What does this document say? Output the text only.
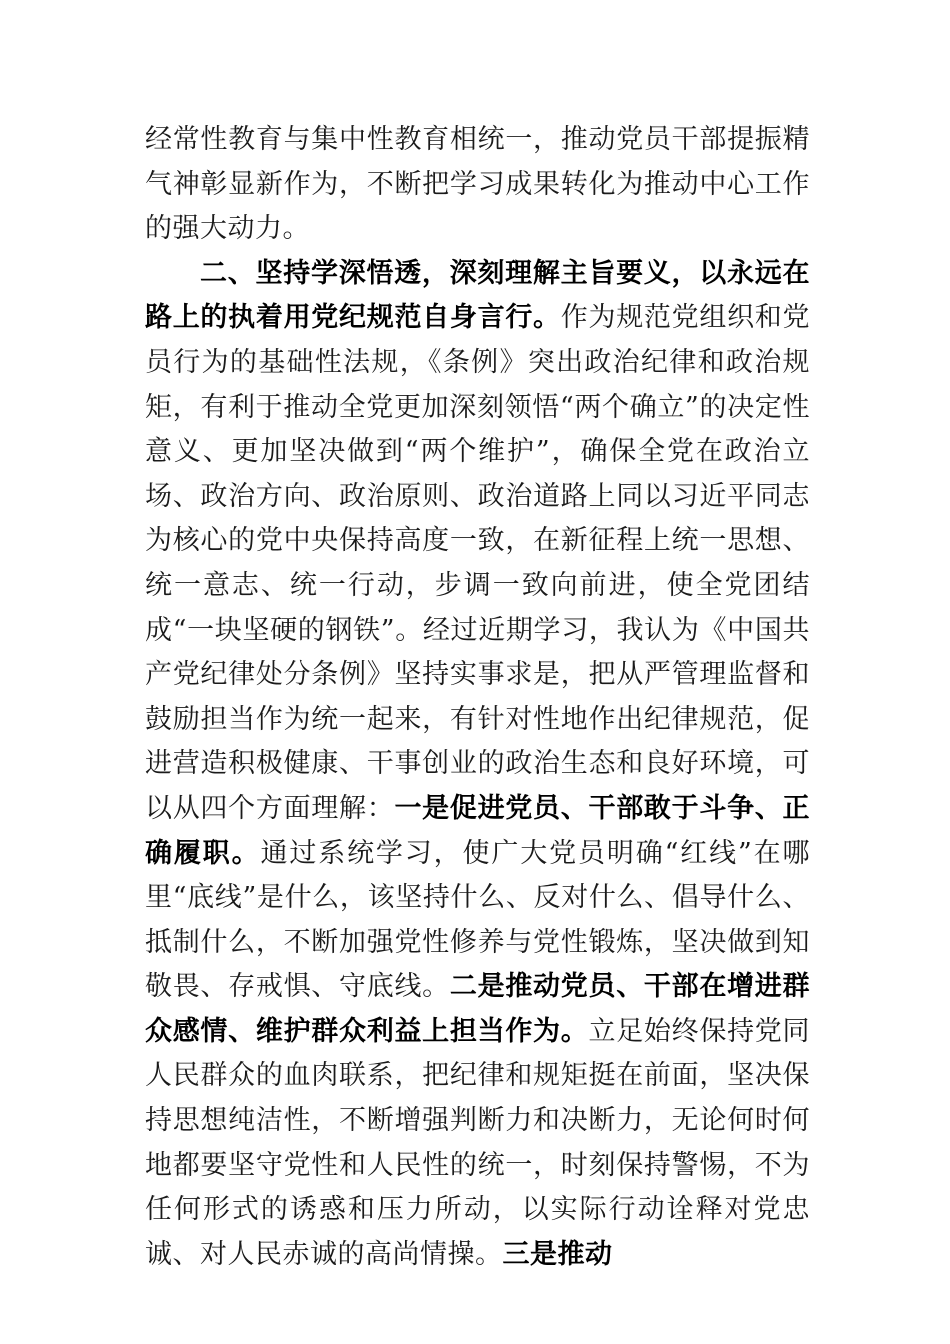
经常性教育与集中性教育相统一，推动党员干部提振精气神彰显新作为，不断把学习成果转化为推动中心工作的强大动力。

二、坚持学深悟透，深刻理解主旨要义，以永远在路上的执着用党纪规范自身言行。作为规范党组织和党员行为的基础性法规，《条例》突出政治纪律和政治规矩，有利于推动全党更加深刻领悟“两个确立”的决定性意义、更加坚决做到“两个维护”，确保全党在政治立场、政治方向、政治原则、政治道路上同以习近平同志为核心的党中央保持高度一致，在新征程上统一思想、统一意志、统一行动，步调一致向前进，使全党团结成“一块坚硬的钢铁”。经过近期学习，我认为《中国共产党纪律处分条例》坚持实事求是，把从严管理监督和鼓励担当作为统一起来，有针对性地作出纪律规范，促进营造积极健康、干事创业的政治生态和良好环境，可以从四个方面理解：一是促进党员、干部敢于斗争、正确履职。通过系统学习，使广大党员明确“红线”在哪里“底线”是什么，该坚持什么、反对什么、倡导什么、抵制什么，不断加强党性修养与党性锻炼，坚决做到知敬畏、存戒惧、守底线。二是推动党员、干部在增进群众感情、维护群众利益上担当作为。立足始终保持党同人民群众的血肉联系，把纪律和规矩挺在前面，坚决保持思想纯洁性，不断增强判断力和决断力，无论何时何地都要坚守党性和人民性的统一，时刻保持警惕，不为任何形式的诱惑和压力所动，以实际行动诠释对党忠诚、对人民赤诚的高尚情操。三是推动
